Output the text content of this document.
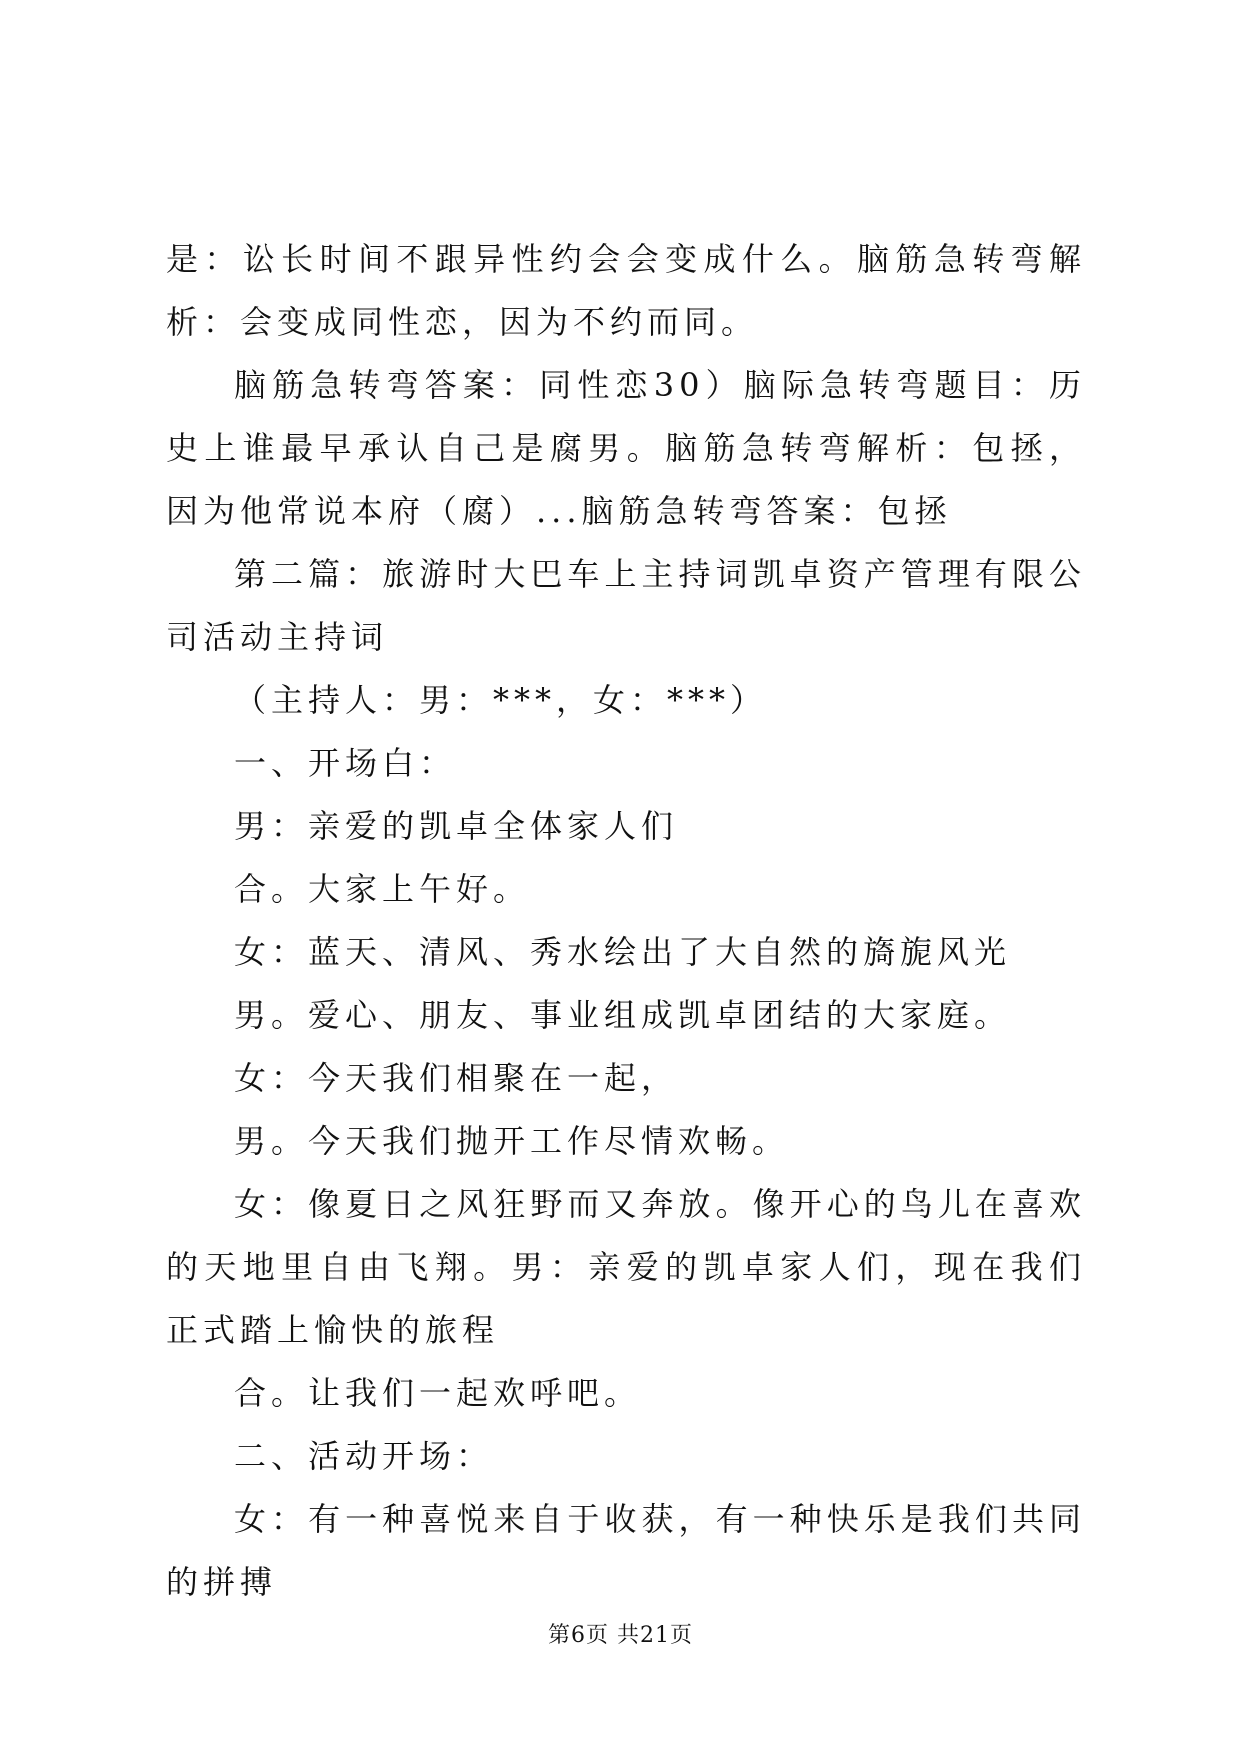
是：讼长时间不跟异性约会会变成什么。脑筋急转弯解析：会变成同性恋，因为不约而同。

脑筋急转弯答案：同性恋30）脑际急转弯题目：历史上谁最早承认自己是腐男。脑筋急转弯解析：包拯，因为他常说本府（腐）...脑筋急转弯答案：包拯

第二篇：旅游时大巴车上主持词凯卓资产管理有限公司活动主持词

（主持人：男：***，女：***）

一、开场白：

男：亲爱的凯卓全体家人们

合。大家上午好。

女：蓝天、清风、秀水绘出了大自然的旖旎风光

男。爱心、朋友、事业组成凯卓团结的大家庭。

女：今天我们相聚在一起，

男。今天我们抛开工作尽情欢畅。

女：像夏日之风狂野而又奔放。像开心的鸟儿在喜欢的天地里自由飞翔。男：亲爱的凯卓家人们，现在我们正式踏上愉快的旅程

合。让我们一起欢呼吧。

二、活动开场：

女：有一种喜悦来自于收获，有一种快乐是我们共同的拼搏

第6页 共21页
